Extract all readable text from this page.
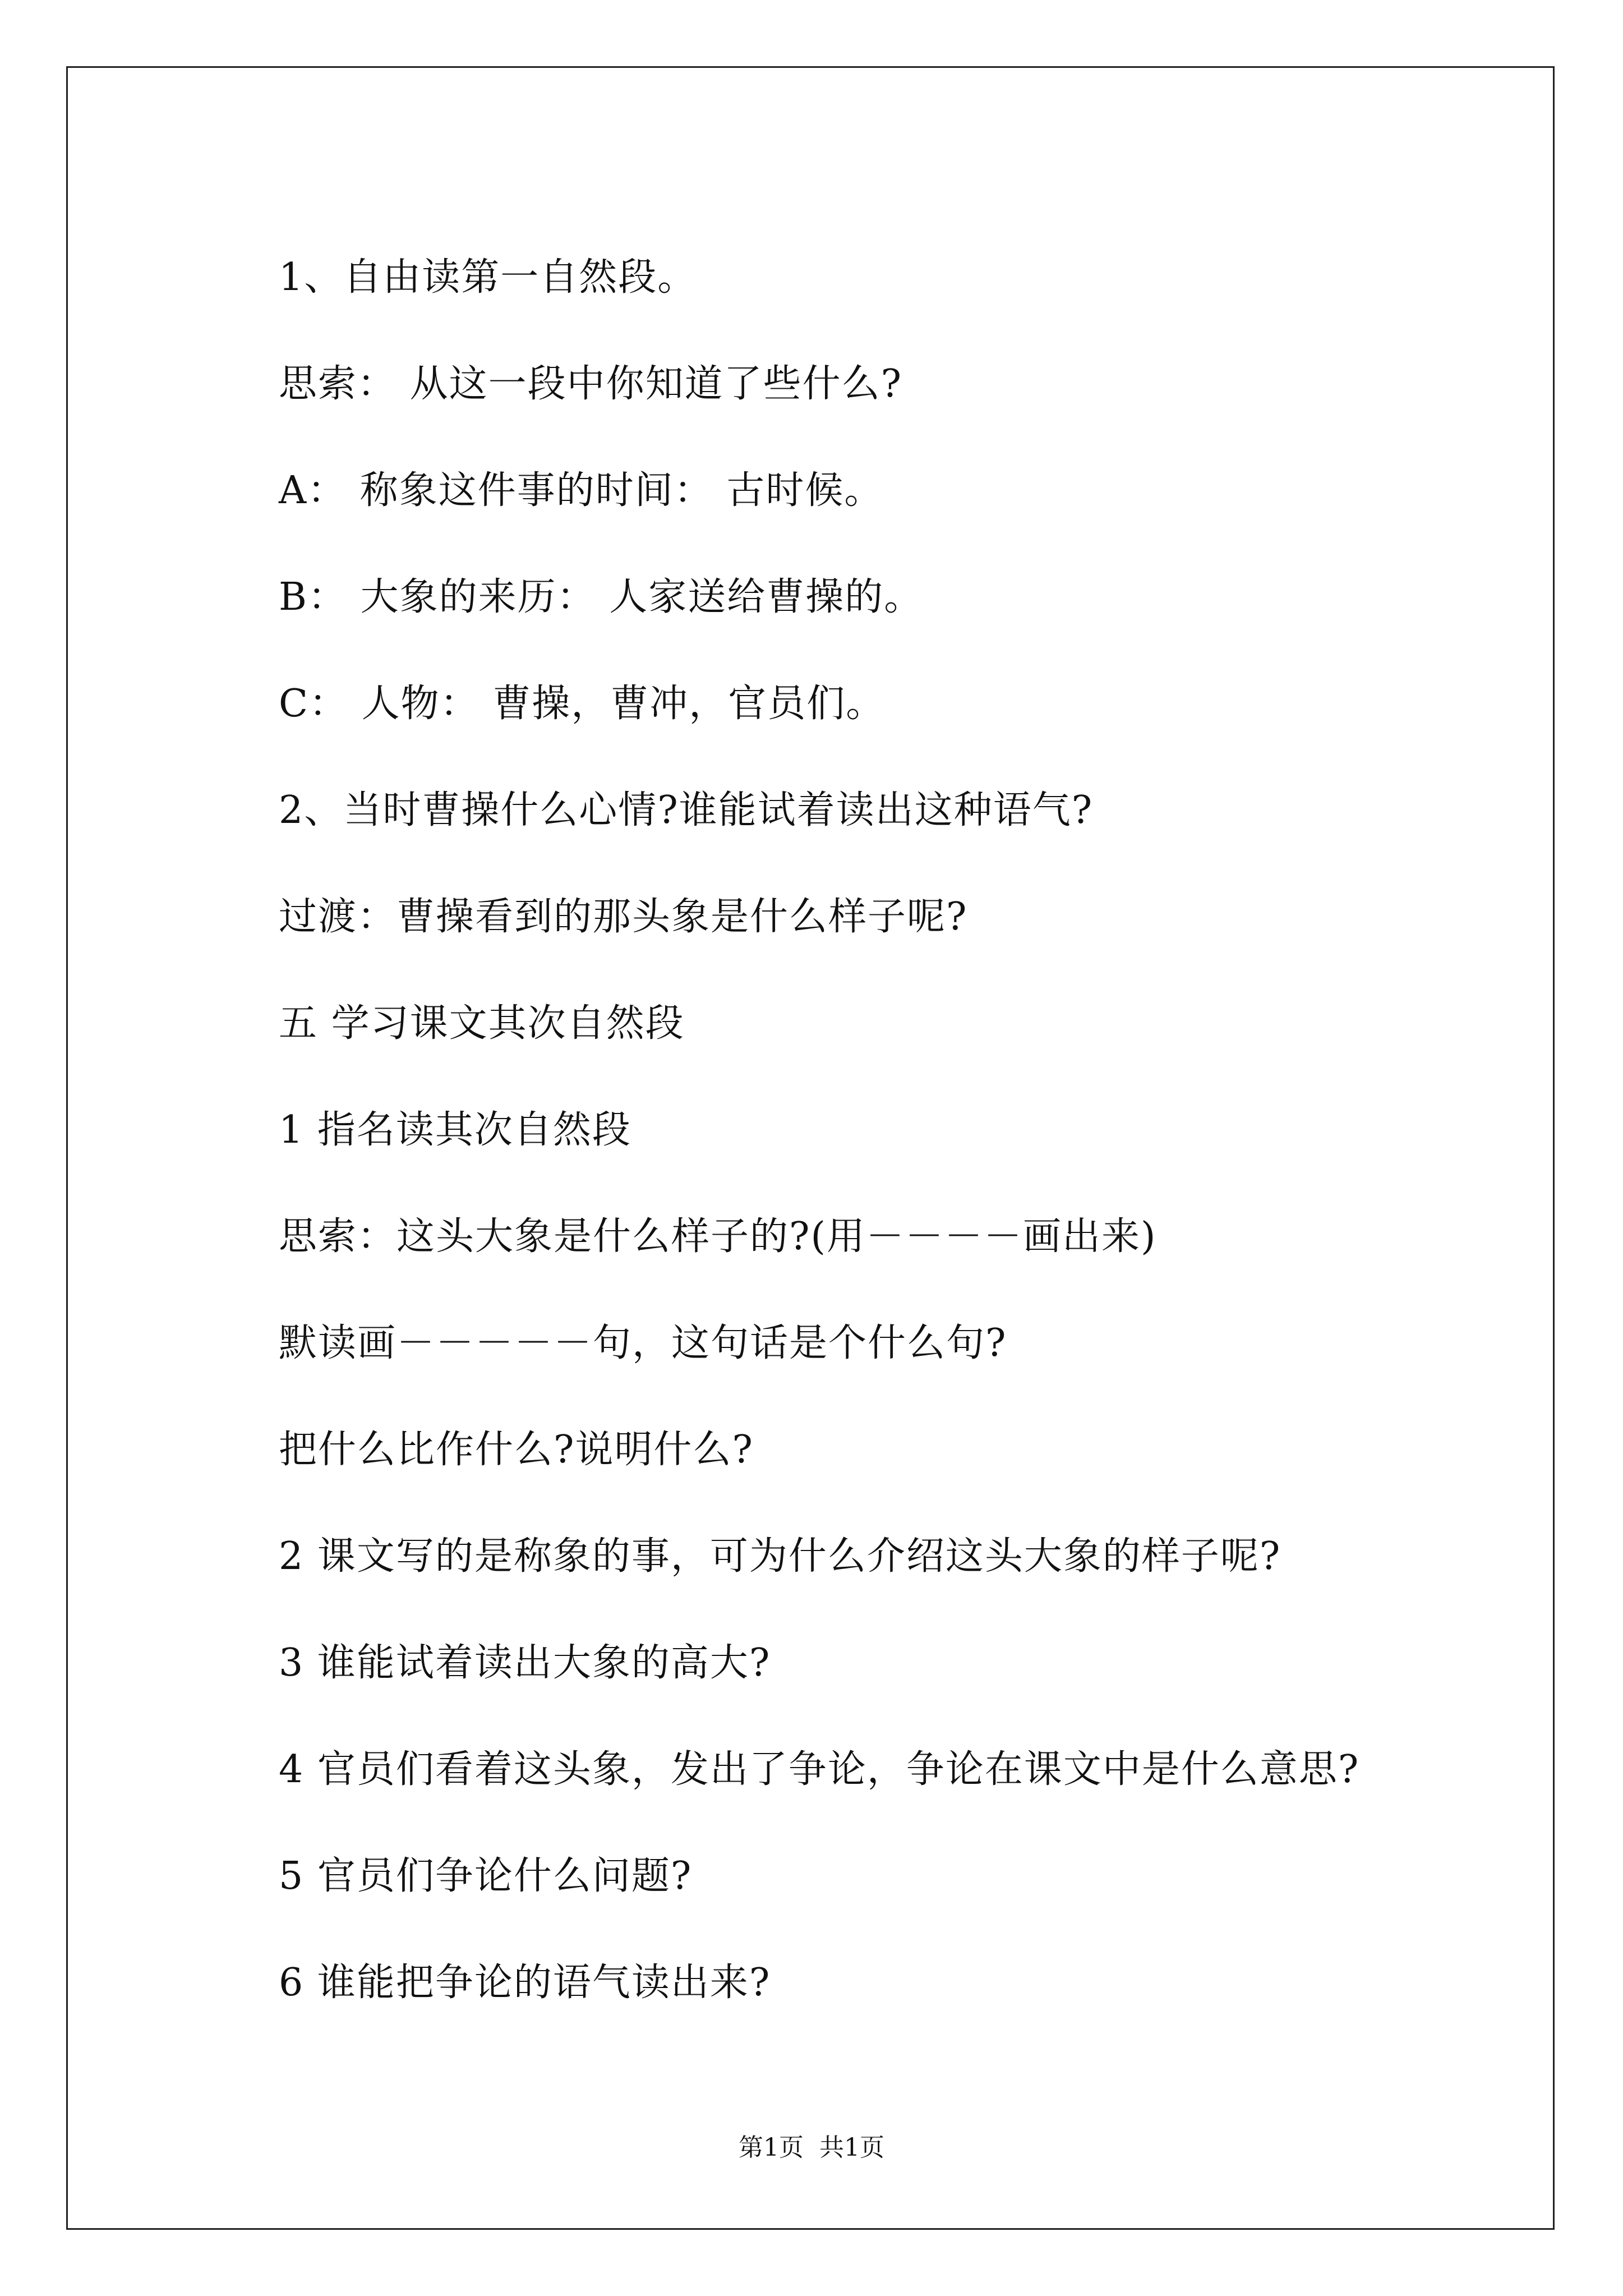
1、自由读第一自然段。
思索： 从这一段中你知道了些什么?
A： 称象这件事的时间： 古时候。
B： 大象的来历： 人家送给曹操的。
C： 人物： 曹操，曹冲，官员们。
2、当时曹操什么心情?谁能试着读出这种语气?
过渡：曹操看到的那头象是什么样子呢?
五 学习课文其次自然段
1 指名读其次自然段
思索：这头大象是什么样子的?(用－－－－画出来)
默读画－－－－－句，这句话是个什么句?
把什么比作什么?说明什么?
2 课文写的是称象的事，可为什么介绍这头大象的样子呢?
3 谁能试着读出大象的高大?
4 官员们看着这头象，发出了争论，争论在课文中是什么意思?
5 官员们争论什么问题?
6 谁能把争论的语气读出来?
第1页  共1页
